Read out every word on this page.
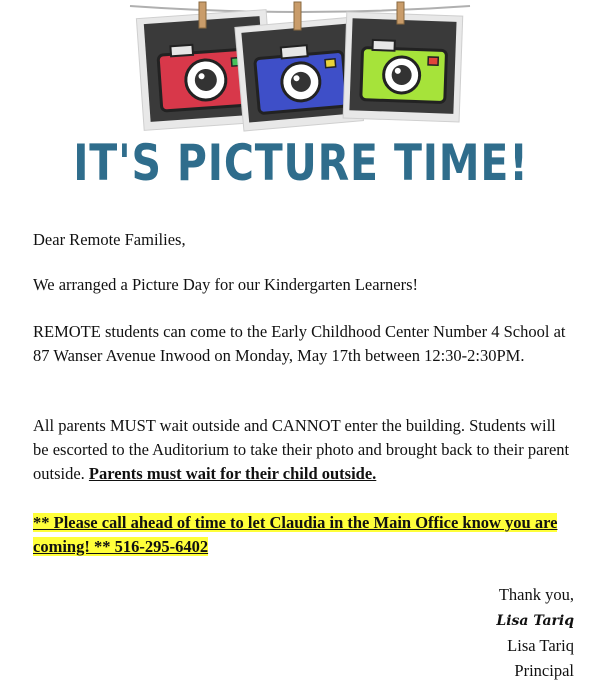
IT'S PICTURE TIME!

Dear Remote Families,

We arranged a Picture Day for our Kindergarten Learners!

REMOTE students can come to the Early Childhood Center Number 4 School at 87 Wanser Avenue Inwood on Monday, May 17th between 12:30-2:30PM.

All parents MUST wait outside and CANNOT enter the building. Students will be escorted to the Auditorium to take their photo and brought back to their parent outside. Parents must wait for their child outside.

** Please call ahead of time to let Claudia in the Main Office know you are coming! ** 516-295-6402

Thank you,
Lisa Tariq
Lisa Tariq
Principal
